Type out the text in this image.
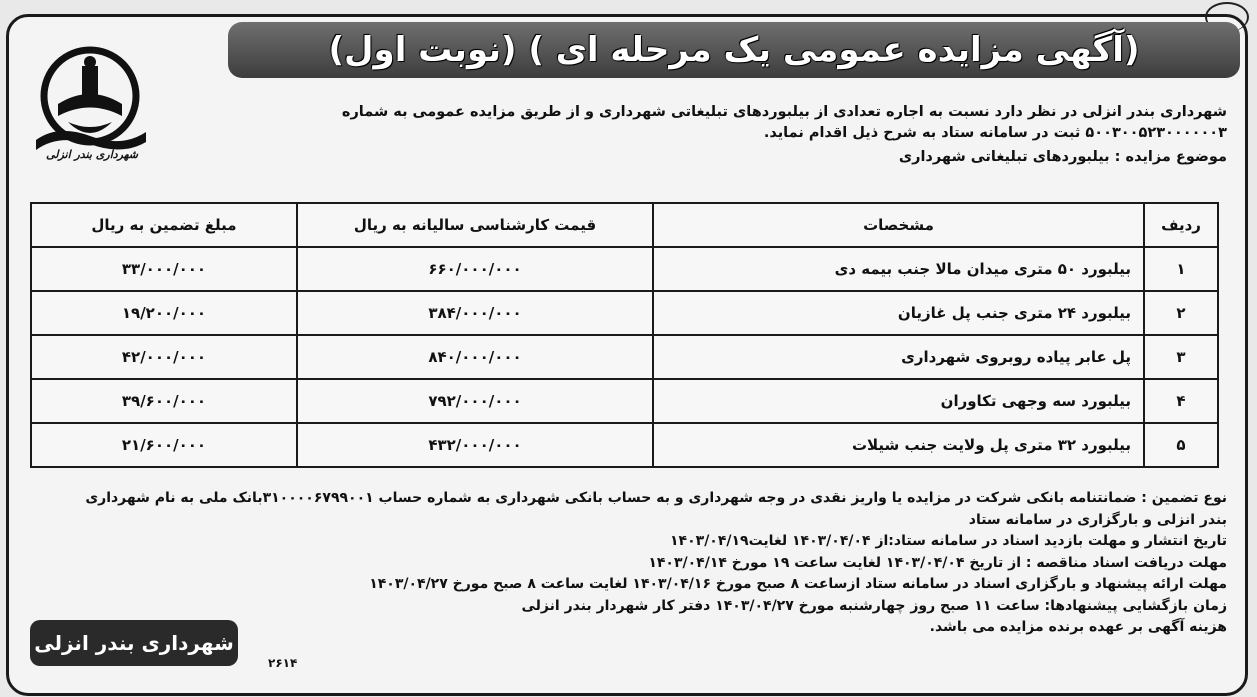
(آگهی مزایده عمومی یک مرحله ای ) (نوبت اول)
شهرداری بندر انزلی
شهرداری بندر انزلی در نظر دارد نسبت به اجاره تعدادی از بیلبوردهای تبلیغاتی شهرداری و از طریق مزایده عمومی به شماره ۵۰۰۳۰۰۵۲۳۰۰۰۰۰۰۳ ثبت در سامانه ستاد به شرح ذیل اقدام نماید.
موضوع مزایده : بیلبوردهای تبلیغاتی شهرداری
ردیف	مشخصات	قیمت کارشناسی سالیانه به ریال	مبلغ تضمین به ریال
۱	بیلبورد ۵۰ متری میدان مالا جنب بیمه دی	۶۶۰/۰۰۰/۰۰۰	۳۳/۰۰۰/۰۰۰
۲	بیلبورد ۲۴ متری جنب پل غازیان	۳۸۴/۰۰۰/۰۰۰	۱۹/۲۰۰/۰۰۰
۳	پل عابر پیاده روبروی شهرداری	۸۴۰/۰۰۰/۰۰۰	۴۲/۰۰۰/۰۰۰
۴	بیلبورد سه وجهی تکاوران	۷۹۲/۰۰۰/۰۰۰	۳۹/۶۰۰/۰۰۰
۵	بیلبورد ۳۲ متری پل ولایت جنب شیلات	۴۳۲/۰۰۰/۰۰۰	۲۱/۶۰۰/۰۰۰

نوع تضمین : ضمانتنامه بانکی شرکت در مزایده یا واریز نقدی در وجه شهرداری و به حساب بانکی شهرداری به شماره حساب ۳۱۰۰۰۰۶۷۹۹۰۰۱بانک ملی به نام شهرداری

بندر انزلی و بارگزاری در سامانه ستاد

تاریخ انتشار و مهلت بازدید اسناد در سامانه ستاد:از ۱۴۰۳/۰۴/۰۴ لغایت۱۴۰۳/۰۴/۱۹

مهلت دریافت اسناد مناقصه : از تاریخ ۱۴۰۳/۰۴/۰۴ لغایت ساعت ۱۹ مورخ ۱۴۰۳/۰۴/۱۴

مهلت ارائه پیشنهاد و بارگزاری اسناد در سامانه ستاد ازساعت ۸ صبح مورخ ۱۴۰۳/۰۴/۱۶ لغایت ساعت ۸ صبح مورخ ۱۴۰۳/۰۴/۲۷

زمان بازگشایی پیشنهادها: ساعت ۱۱ صبح روز چهارشنبه مورخ ۱۴۰۳/۰۴/۲۷ دفتر کار شهردار بندر انزلی

هزینه آگهی بر عهده برنده مزایده می باشد.

شهرداری بندر انزلی
۲۶۱۴
